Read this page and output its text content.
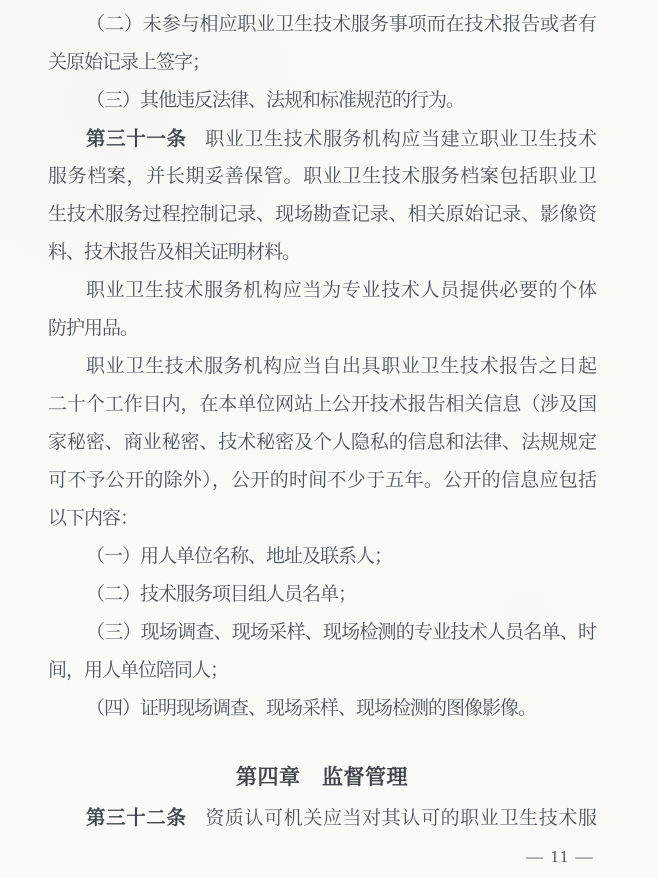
（二）未参与相应职业卫生技术服务事项而在技术报告或者有
关原始记录上签字；
（三）其他违反法律、法规和标准规范的行为。
第三十一条 职业卫生技术服务机构应当建立职业卫生技术
服务档案，并长期妥善保管。职业卫生技术服务档案包括职业卫
生技术服务过程控制记录、现场勘查记录、相关原始记录、影像资
料、技术报告及相关证明材料。
职业卫生技术服务机构应当为专业技术人员提供必要的个体
防护用品。
职业卫生技术服务机构应当自出具职业卫生技术报告之日起
二十个工作日内，在本单位网站上公开技术报告相关信息（涉及国
家秘密、商业秘密、技术秘密及个人隐私的信息和法律、法规规定
可不予公开的除外），公开的时间不少于五年。公开的信息应包括
以下内容：
（一）用人单位名称、地址及联系人；
（二）技术服务项目组人员名单；
（三）现场调查、现场采样、现场检测的专业技术人员名单、时
间，用人单位陪同人；
（四）证明现场调查、现场采样、现场检测的图像影像。
第四章　监督管理
第三十二条 资质认可机关应当对其认可的职业卫生技术服
— 11 —
